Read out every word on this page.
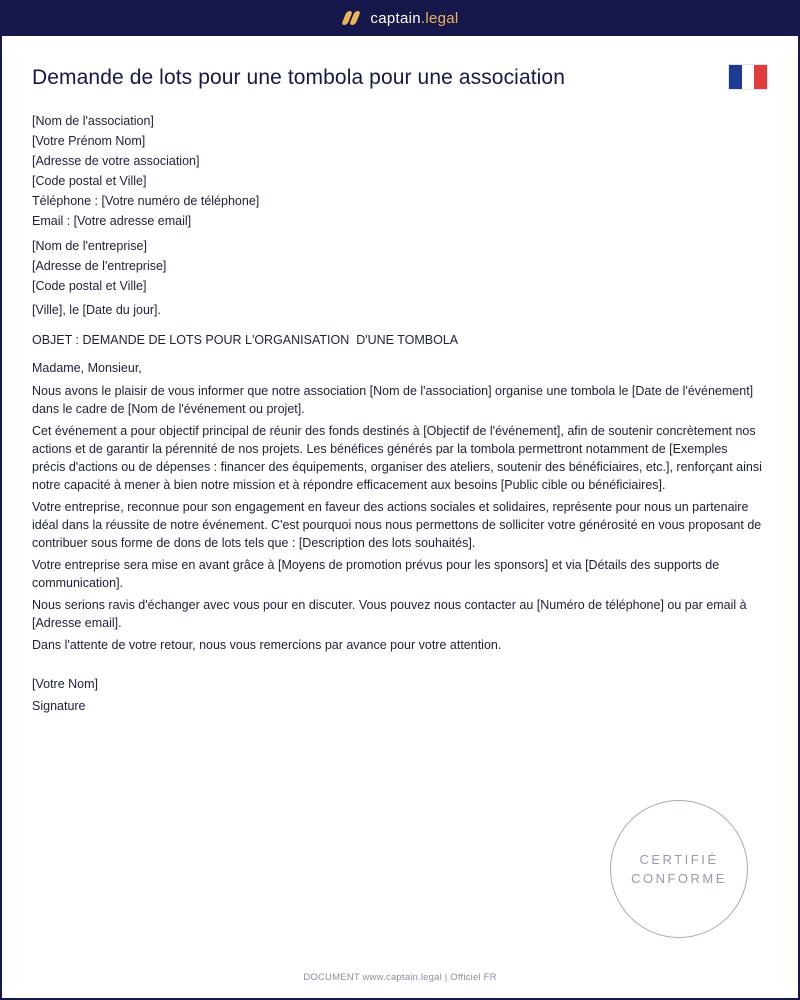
captain.legal
Demande de lots pour une tombola pour une association

[Nom de l'association]

[Votre Prénom Nom]

[Adresse de votre association]

[Code postal et Ville]

Téléphone : [Votre numéro de téléphone]

Email : [Votre adresse email]

[Nom de l'entreprise]

[Adresse de l'entreprise]

[Code postal et Ville]

[Ville], le [Date du jour].

OBJET : DEMANDE DE LOTS POUR L'ORGANISATION  D'UNE TOMBOLA

Madame, Monsieur,

Nous avons le plaisir de vous informer que notre association [Nom de l'association] organise une tombola le [Date de l'événement] dans le cadre de [Nom de l'événement ou projet].

Cet événement a pour objectif principal de réunir des fonds destinés à [Objectif de l'événement], afin de soutenir concrètement nos actions et de garantir la pérennité de nos projets. Les bénéfices générés par la tombola permettront notamment de [Exemples précis d'actions ou de dépenses : financer des équipements, organiser des ateliers, soutenir des bénéficiaires, etc.], renforçant ainsi notre capacité à mener à bien notre mission et à répondre efficacement aux besoins [Public cible ou bénéficiaires].

Votre entreprise, reconnue pour son engagement en faveur des actions sociales et solidaires, représente pour nous un partenaire idéal dans la réussite de notre événement. C'est pourquoi nous nous permettons de solliciter votre générosité en vous proposant de contribuer sous forme de dons de lots tels que : [Description des lots souhaités].

Votre entreprise sera mise en avant grâce à [Moyens de promotion prévus pour les sponsors] et via [Détails des supports de communication].

Nous serions ravis d'échanger avec vous pour en discuter. Vous pouvez nous contacter au [Numéro de téléphone] ou par email à [Adresse email].

Dans l'attente de votre retour, nous vous remercions par avance pour votre attention.

[Votre Nom]

Signature

CERTIFIÉ
CONFORME
DOCUMENT www.captain.legal | Officiel FR
